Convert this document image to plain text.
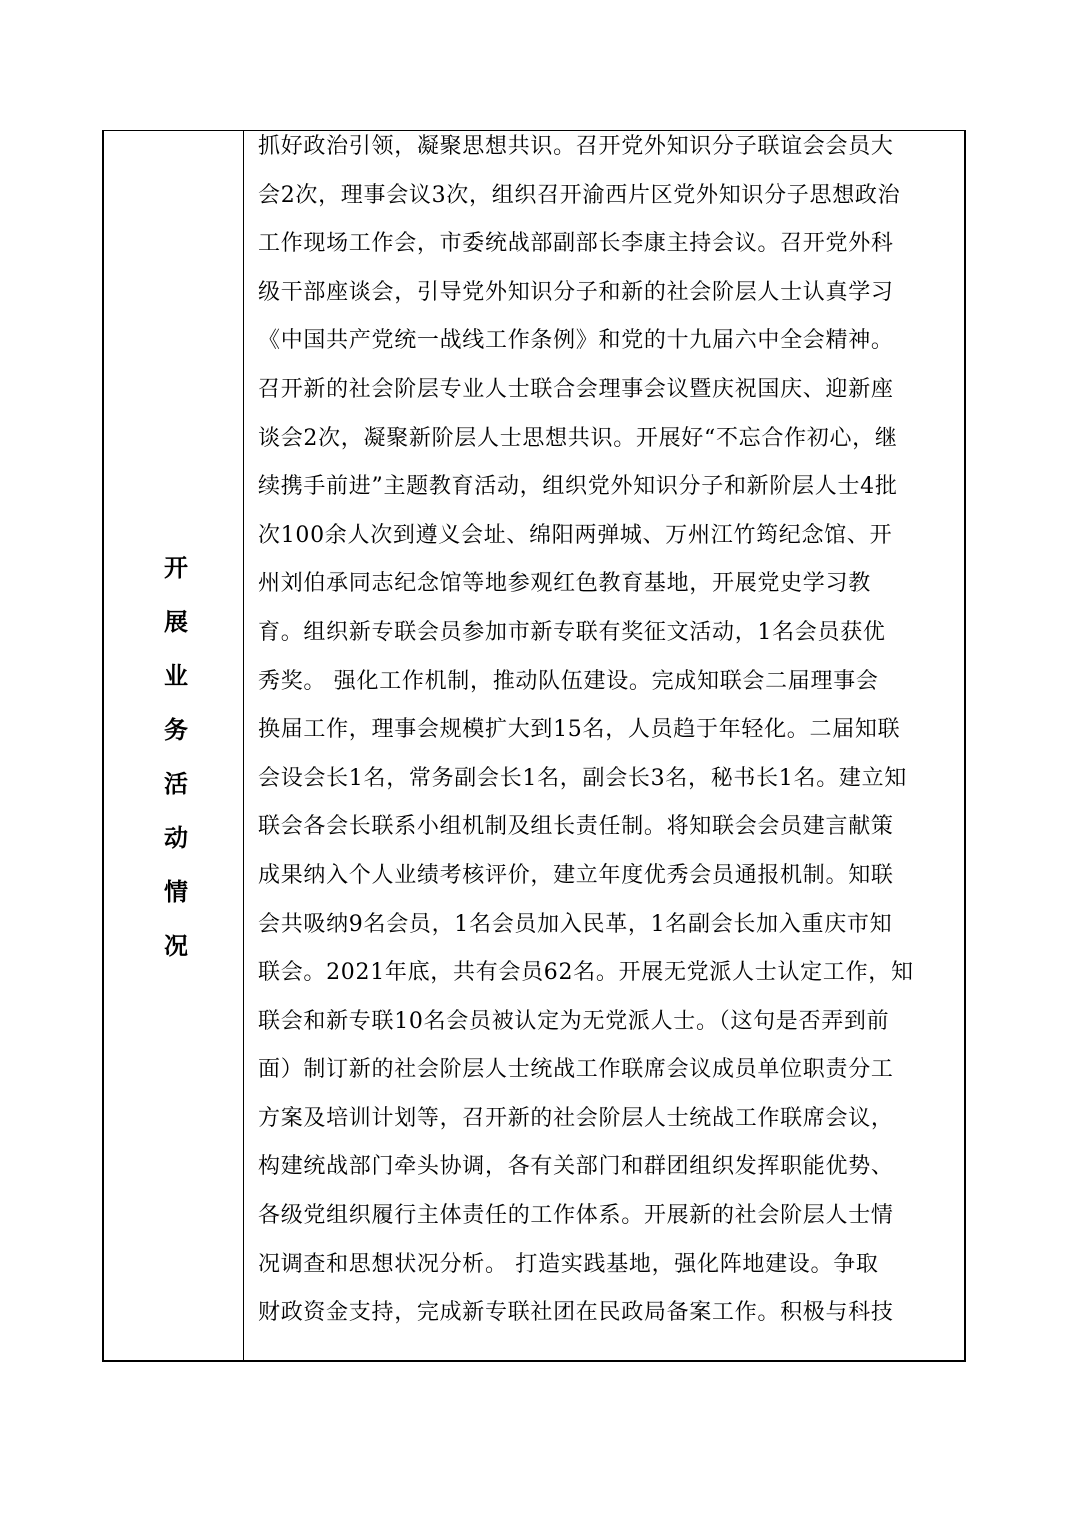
开展业务活动情况
抓好政治引领，凝聚思想共识。召开党外知识分子联谊会会员大
会2次，理事会议3次，组织召开渝西片区党外知识分子思想政治
工作现场工作会，市委统战部副部长李康主持会议。召开党外科
级干部座谈会，引导党外知识分子和新的社会阶层人士认真学习
《中国共产党统一战线工作条例》和党的十九届六中全会精神。
召开新的社会阶层专业人士联合会理事会议暨庆祝国庆、迎新座
谈会2次，凝聚新阶层人士思想共识。开展好“不忘合作初心，继
续携手前进”主题教育活动，组织党外知识分子和新阶层人士4批
次100余人次到遵义会址、绵阳两弹城、万州江竹筠纪念馆、开
州刘伯承同志纪念馆等地参观红色教育基地，开展党史学习教
育。组织新专联会员参加市新专联有奖征文活动，1名会员获优
秀奖。 强化工作机制，推动队伍建设。完成知联会二届理事会
换届工作，理事会规模扩大到15名，人员趋于年轻化。二届知联
会设会长1名，常务副会长1名，副会长3名，秘书长1名。建立知
联会各会长联系小组机制及组长责任制。将知联会会员建言献策
成果纳入个人业绩考核评价，建立年度优秀会员通报机制。知联
会共吸纳9名会员，1名会员加入民革，1名副会长加入重庆市知
联会。2021年底，共有会员62名。开展无党派人士认定工作，知
联会和新专联10名会员被认定为无党派人士。（这句是否弄到前
面）制订新的社会阶层人士统战工作联席会议成员单位职责分工
方案及培训计划等，召开新的社会阶层人士统战工作联席会议，
构建统战部门牵头协调，各有关部门和群团组织发挥职能优势、
各级党组织履行主体责任的工作体系。开展新的社会阶层人士情
况调查和思想状况分析。 打造实践基地，强化阵地建设。争取
财政资金支持，完成新专联社团在民政局备案工作。积极与科技
